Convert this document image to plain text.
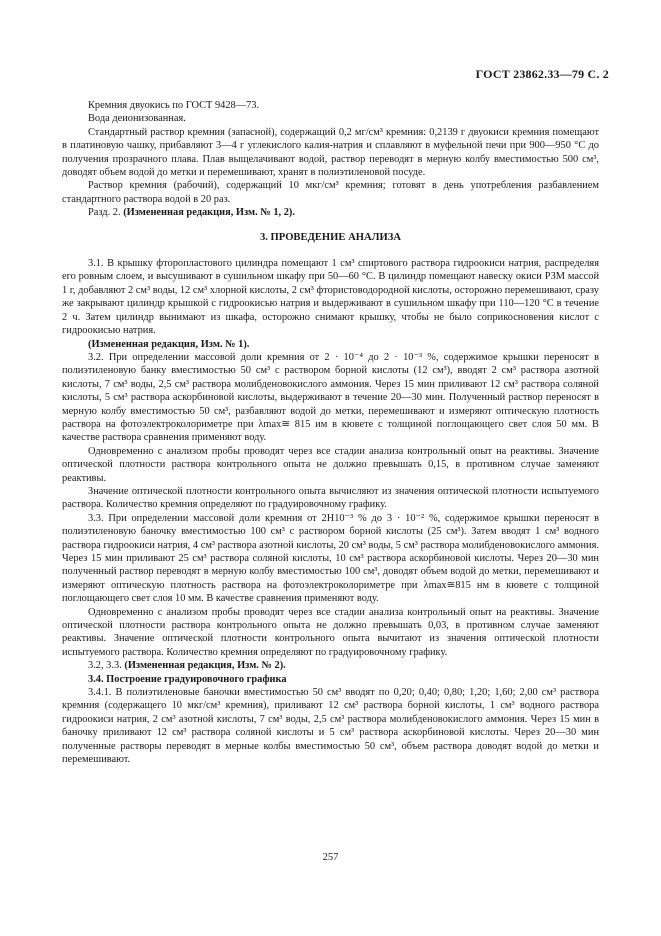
ГОСТ 23862.33—79 С. 2

Кремния двуокись по ГОСТ 9428—73.

Вода деионизованная.

Стандартный раствор кремния (запасной), содержащий 0,2 мг/см³ кремния: 0,2139 г двуокиси кремния помещают в платиновую чашку, прибавляют 3—4 г углекислого калия-натрия и сплавляют в муфельной печи при 900—950 °С до получения прозрачного плава. Плав выщелачивают водой, раствор переводят в мерную колбу вместимостью 500 см³, доводят объем водой до метки и перемешивают, хранят в полиэтиленовой посуде.

Раствор кремния (рабочий), содержащий 10 мкг/см³ кремния; готовят в день употребления разбавлением стандартного раствора водой в 20 раз.

Разд. 2. (Измененная редакция, Изм. № 1, 2).

3. ПРОВЕДЕНИЕ АНАЛИЗА

3.1. В крышку фторопластового цилиндра помещают 1 см³ спиртового раствора гидроокиси натрия, распределяя его ровным слоем, и высушивают в сушильном шкафу при 50—60 °С. В цилиндр помещают навеску окиси РЗМ массой 1 г, добавляют 2 см³ воды, 12 см³ хлорной кислоты, 2 см³ фтористоводородной кислоты, осторожно перемешивают, сразу же закрывают цилиндр крышкой с гидроокисью натрия и выдерживают в сушильном шкафу при 110—120 °С в течение 2 ч. Затем цилиндр вынимают из шкафа, осторожно снимают крышку, чтобы не было соприкосновения кислот с гидроокисью натрия.

(Измененная редакция, Изм. № 1).

3.2. При определении массовой доли кремния от 2 · 10⁻⁴ до 2 · 10⁻³ %, содержимое крышки переносят в полиэтиленовую банку вместимостью 50 см³ с раствором борной кислоты (12 см³), вводят 2 см³ раствора азотной кислоты, 7 см³ воды, 2,5 см³ раствора молибденовокислого аммония. Через 15 мин приливают 12 см³ раствора соляной кислоты, 5 см³ раствора аскорбиновой кислоты, выдерживают в течение 20—30 мин. Полученный раствор переносят в мерную колбу вместимостью 50 см³, разбавляют водой до метки, перемешивают и измеряют оптическую плотность раствора на фотоэлектроколориметре при λmax≅ 815 им в кювете с толщиной поглощающего свет слоя 50 мм. В качестве раствора сравнения применяют воду.

Одновременно с анализом пробы проводят через все стадии анализа контрольный опыт на реактивы. Значение оптической плотности раствора контрольного опыта не должно превышать 0,15, в противном случае заменяют реактивы.

Значение оптической плотности контрольного опыта вычисляют из значения оптической плотности испытуемого раствора. Количество кремния определяют по градуировочному графику.

3.3. При определении массовой доли кремния от 2Н10⁻³ % до 3 · 10⁻² %, содержимое крышки переносят в полиэтиленовую баночку вместимостью 100 см³ с раствором борной кислоты (25 см³). Затем вводят 1 см³ водного раствора гидроокиси натрия, 4 см³ раствора азотной кислоты, 20 см³ воды, 5 см³ раствора молибденовокислого аммония. Через 15 мин приливают 25 см³ раствора соляной кислоты, 10 см³ раствора аскорбиновой кислоты. Через 20—30 мин полученный раствор переводят в мерную колбу вместимостью 100 см³, доводят объем водой до метки, перемешивают и измеряют оптическую плотность раствора на фотоэлектроколориметре при λmax≅815 нм в кювете с толщиной поглощающего свет слоя 10 мм. В качестве сравнения применяют воду.

Одновременно с анализом пробы проводят через все стадии анализа контрольный опыт на реактивы. Значение оптической плотности раствора контрольного опыта не должно превышать 0,03, в противном случае заменяют реактивы. Значение оптической плотности контрольного опыта вычитают из значения оптической плотности испытуемого раствора. Количество кремния определяют по градуировочному графику.

3.2, 3.3. (Измененная редакция, Изм. № 2).

3.4. Построение градуировочного графика

3.4.1. В полиэтиленовые баночки вместимостью 50 см³ вводят по 0,20; 0,40; 0,80; 1,20; 1,60; 2,00 см³ раствора кремния (содержащего 10 мкг/см³ кремния), приливают 12 см³ раствора борной кислоты, 1 см³ водного раствора гидроокиси натрия, 2 см³ азотной кислоты, 7 см³ воды, 2,5 см³ раствора молибденовокислого аммония. Через 15 мин в баночку приливают 12 см³ раствора соляной кислоты и 5 см³ раствора аскорбиновой кислоты. Через 20—30 мин полученные растворы переводят в мерные колбы вместимостью 50 см³, объем раствора доводят водой до метки и перемешивают.

257
